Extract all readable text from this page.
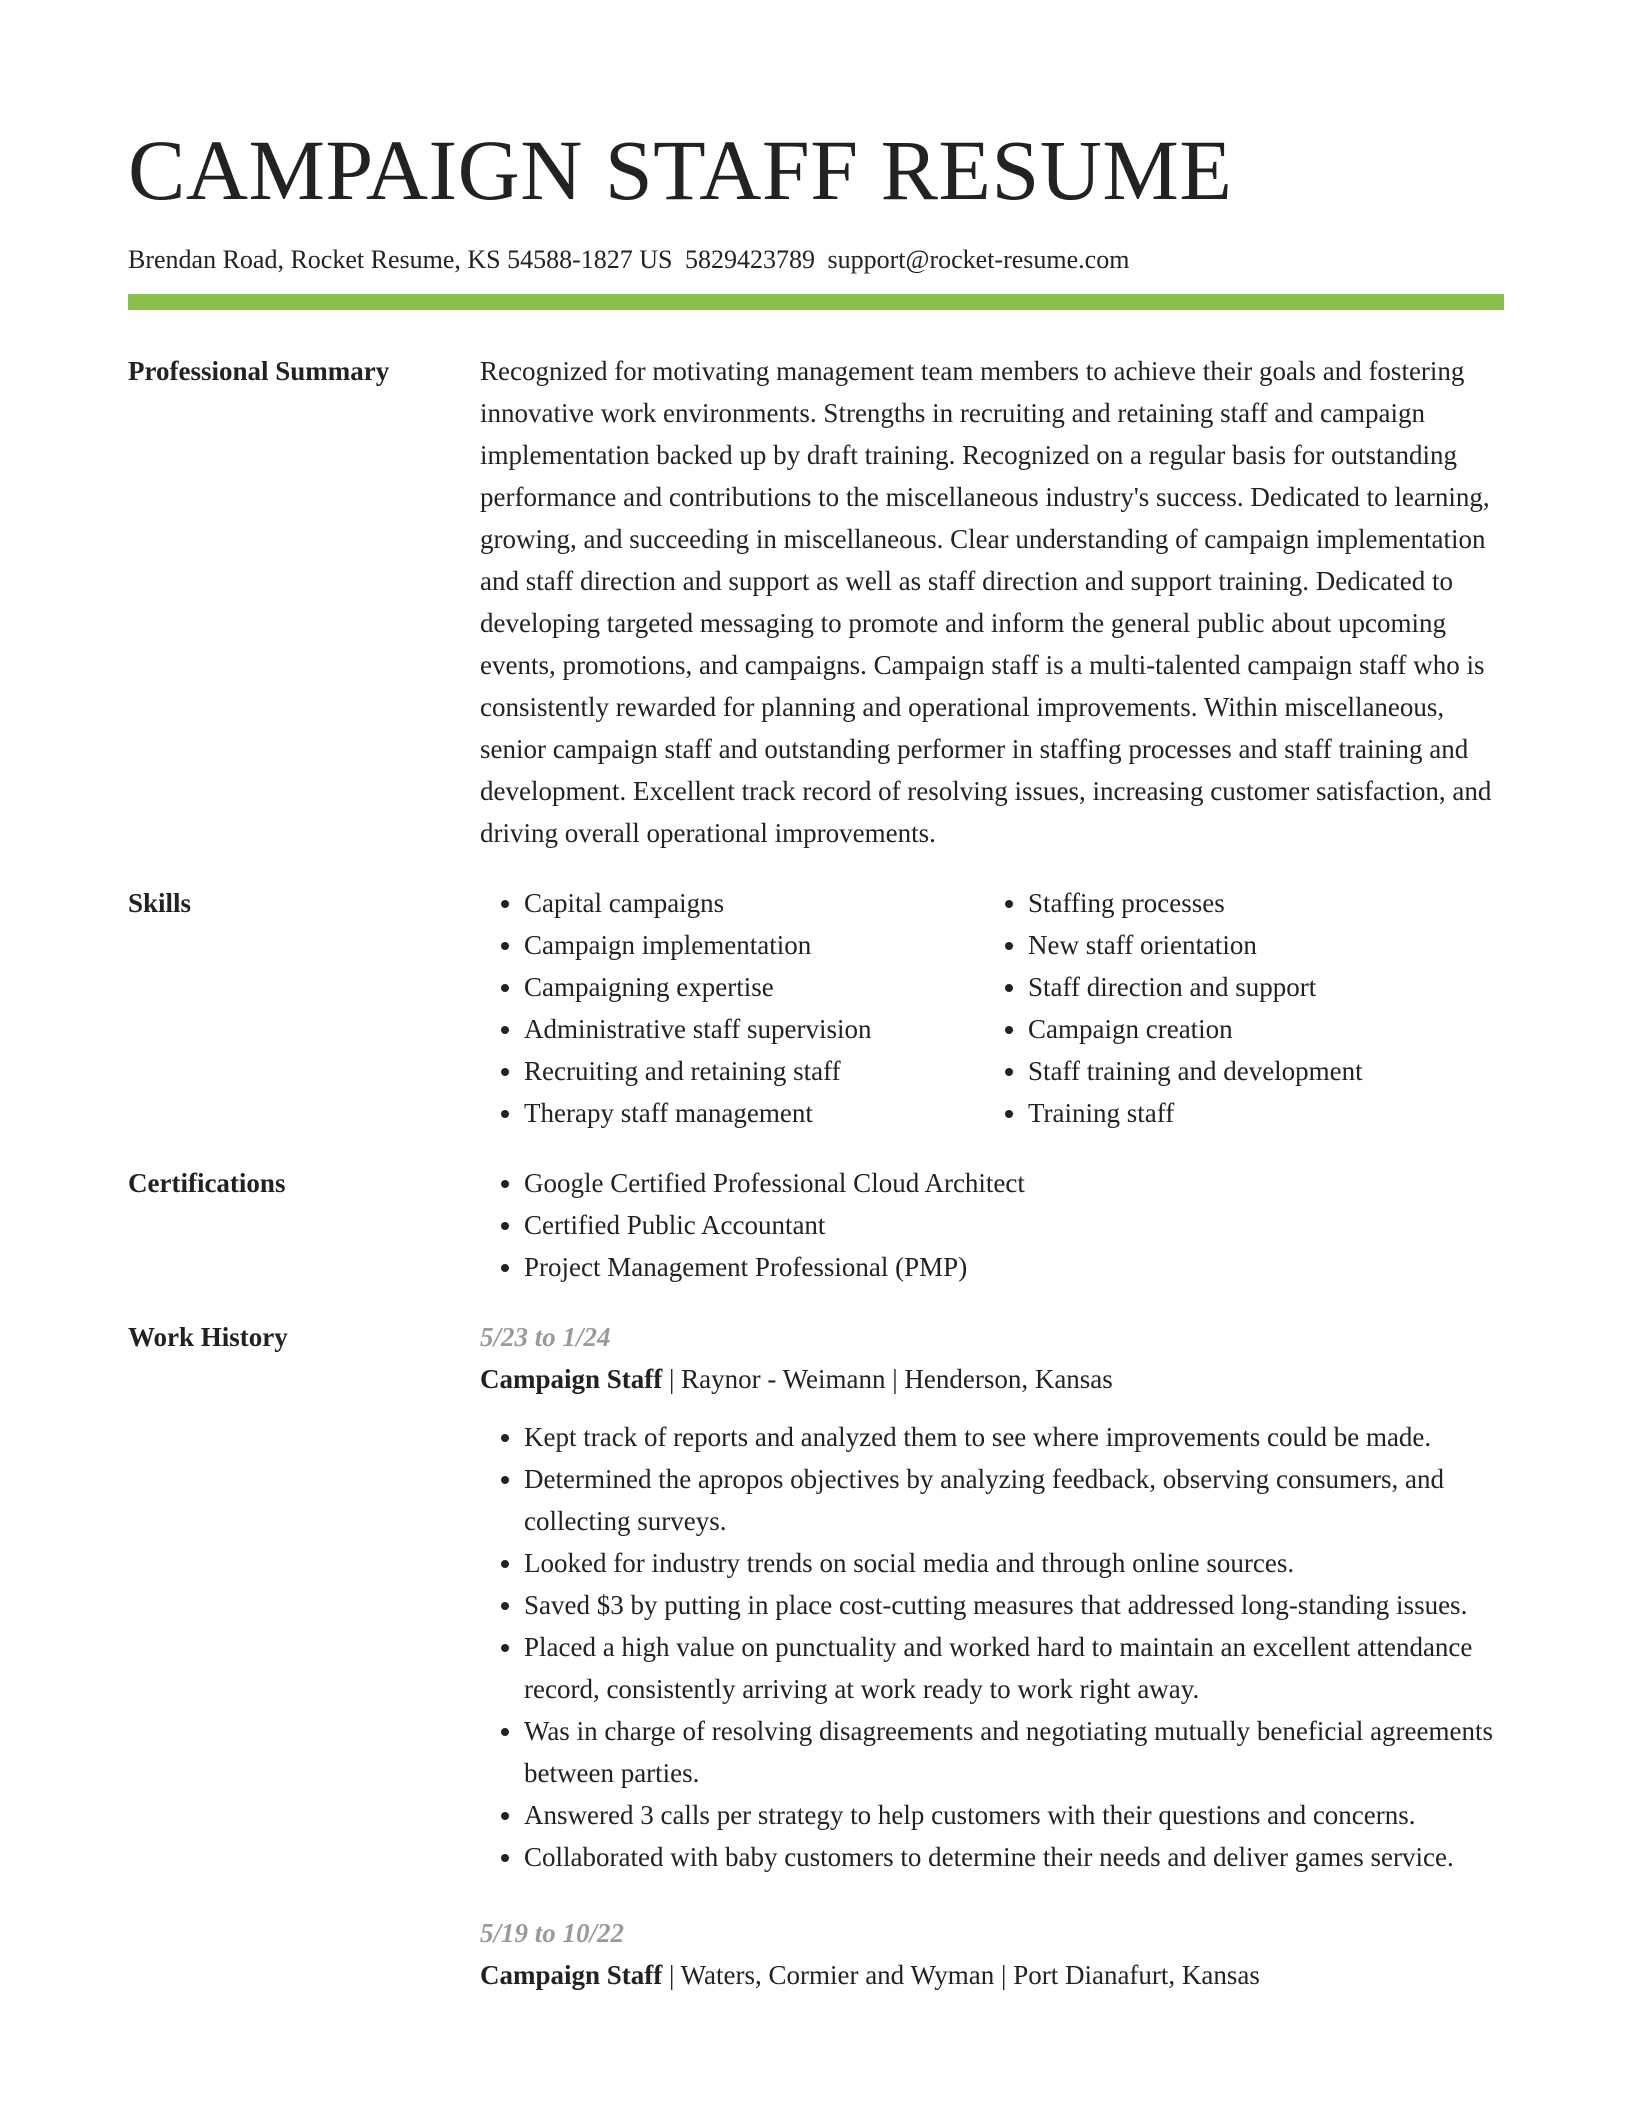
CAMPAIGN STAFF RESUME
Brendan Road, Rocket Resume, KS 54588-1827 US 5829423789 support@rocket-resume.com
Professional Summary	Recognized for motivating management team members to achieve their goals and fostering innovative work environments. Strengths in recruiting and retaining staff and campaign implementation backed up by draft training. Recognized on a regular basis for outstanding performance and contributions to the miscellaneous industry's success. Dedicated to learning, growing, and succeeding in miscellaneous. Clear understanding of campaign implementation and staff direction and support as well as staff direction and support training. Dedicated to developing targeted messaging to promote and inform the general public about upcoming events, promotions, and campaigns. Campaign staff is a multi-talented campaign staff who is consistently rewarded for planning and operational improvements. Within miscellaneous, senior campaign staff and outstanding performer in staffing processes and staff training and development. Excellent track record of resolving issues, increasing customer satisfaction, and driving overall operational improvements.

Skills	• Capital campaigns
• Campaign implementation
• Campaigning expertise
• Administrative staff supervision
• Recruiting and retaining staff
• Therapy staff management
• Staffing processes
• New staff orientation
• Staff direction and support
• Campaign creation
• Staff training and development
• Training staff
Certifications	• Google Certified Professional Cloud Architect
• Certified Public Accountant
• Project Management Professional (PMP)
Work History	5/23 to 1/24
Campaign Staff | Raynor - Weimann | Henderson, Kansas
• Kept track of reports and analyzed them to see where improvements could be made.
• Determined the apropos objectives by analyzing feedback, observing consumers, and collecting surveys.
• Looked for industry trends on social media and through online sources.
• Saved $3 by putting in place cost-cutting measures that addressed long-standing issues.
• Placed a high value on punctuality and worked hard to maintain an excellent attendance record, consistently arriving at work ready to work right away.
• Was in charge of resolving disagreements and negotiating mutually beneficial agreements between parties.
• Answered 3 calls per strategy to help customers with their questions and concerns.
• Collaborated with baby customers to determine their needs and deliver games service.
5/19 to 10/22
Campaign Staff | Waters, Cormier and Wyman | Port Dianafurt, Kansas
